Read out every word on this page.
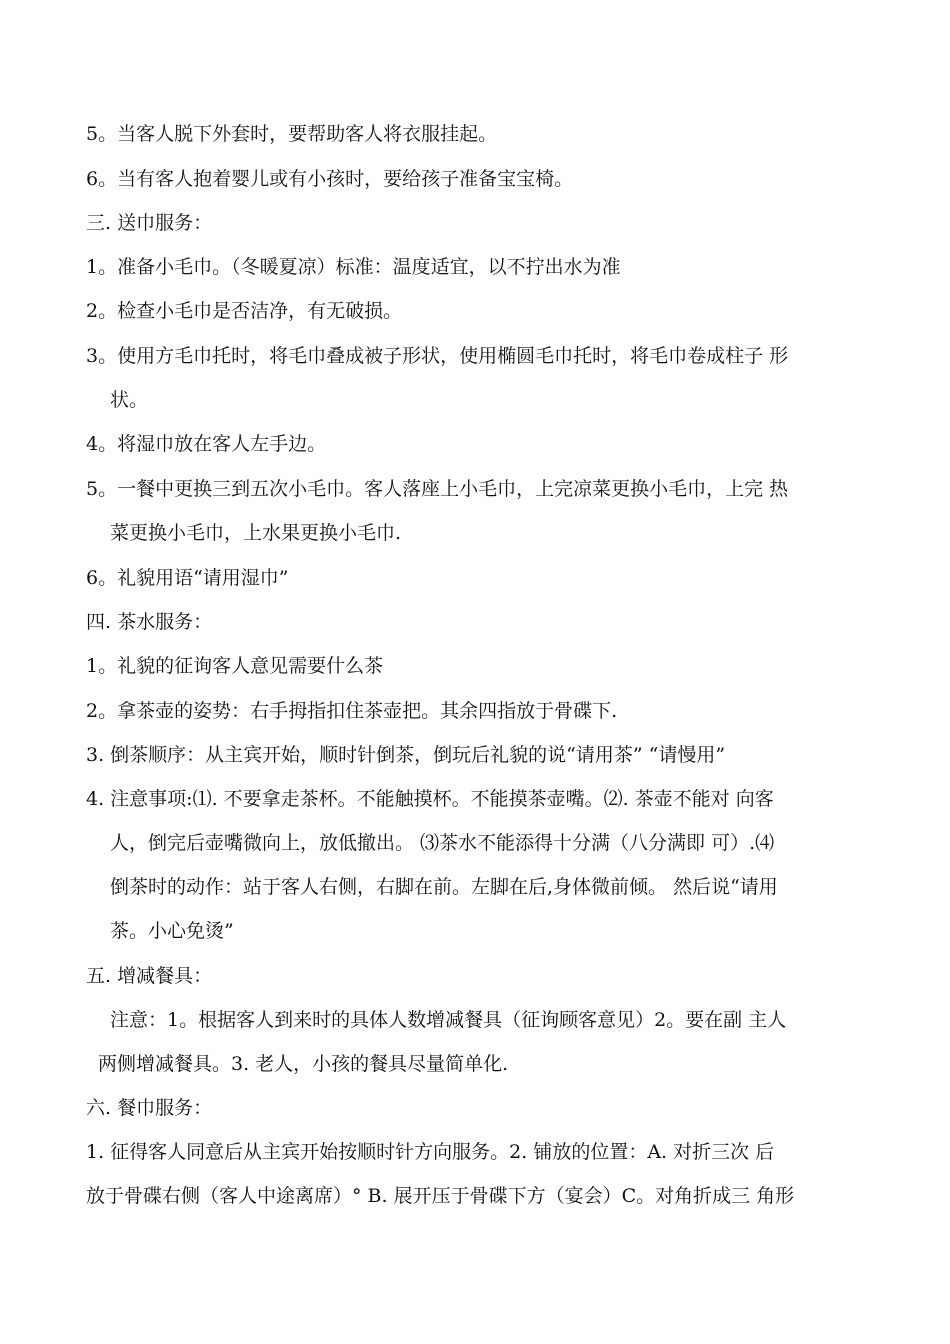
5。当客人脱下外套时，要帮助客人将衣服挂起。
6。当有客人抱着婴儿或有小孩时，要给孩子准备宝宝椅。
三. 送巾服务：
1。准备小毛巾。（冬暖夏凉）标准：温度适宜，以不拧出水为准
2。检查小毛巾是否洁净，有无破损。
3。使用方毛巾托时，将毛巾叠成被子形状，使用椭圆毛巾托时，将毛巾卷成柱子 形
状。
4。将湿巾放在客人左手边。
5。一餐中更换三到五次小毛巾。客人落座上小毛巾，上完凉菜更换小毛巾，上完 热
菜更换小毛巾，上水果更换小毛巾.
6。礼貌用语“请用湿巾”
四. 茶水服务：
1。礼貌的征询客人意见需要什么茶
2。拿茶壶的姿势：右手拇指扣住茶壶把。其余四指放于骨碟下.
3. 倒茶顺序：从主宾开始，顺时针倒茶，倒玩后礼貌的说“请用茶” “请慢用”
4. 注意事项:⑴. 不要拿走茶杯。不能触摸杯。不能摸茶壶嘴。⑵. 茶壶不能对 向客
人，倒完后壶嘴微向上，放低撤出。 ⑶茶水不能添得十分满（八分满即 可）.⑷
倒茶时的动作：站于客人右侧，右脚在前。左脚在后,身体微前倾。 然后说“请用
茶。小心免烫”
五. 增减餐具：
注意：1。根据客人到来时的具体人数增减餐具（征询顾客意见）2。要在副 主人
两侧增减餐具。3. 老人，小孩的餐具尽量简单化.
六. 餐巾服务：
1. 征得客人同意后从主宾开始按顺时针方向服务。2. 铺放的位置：A. 对折三次 后
放于骨碟右侧（客人中途离席）° B. 展开压于骨碟下方（宴会）C。对角折成三 角形
